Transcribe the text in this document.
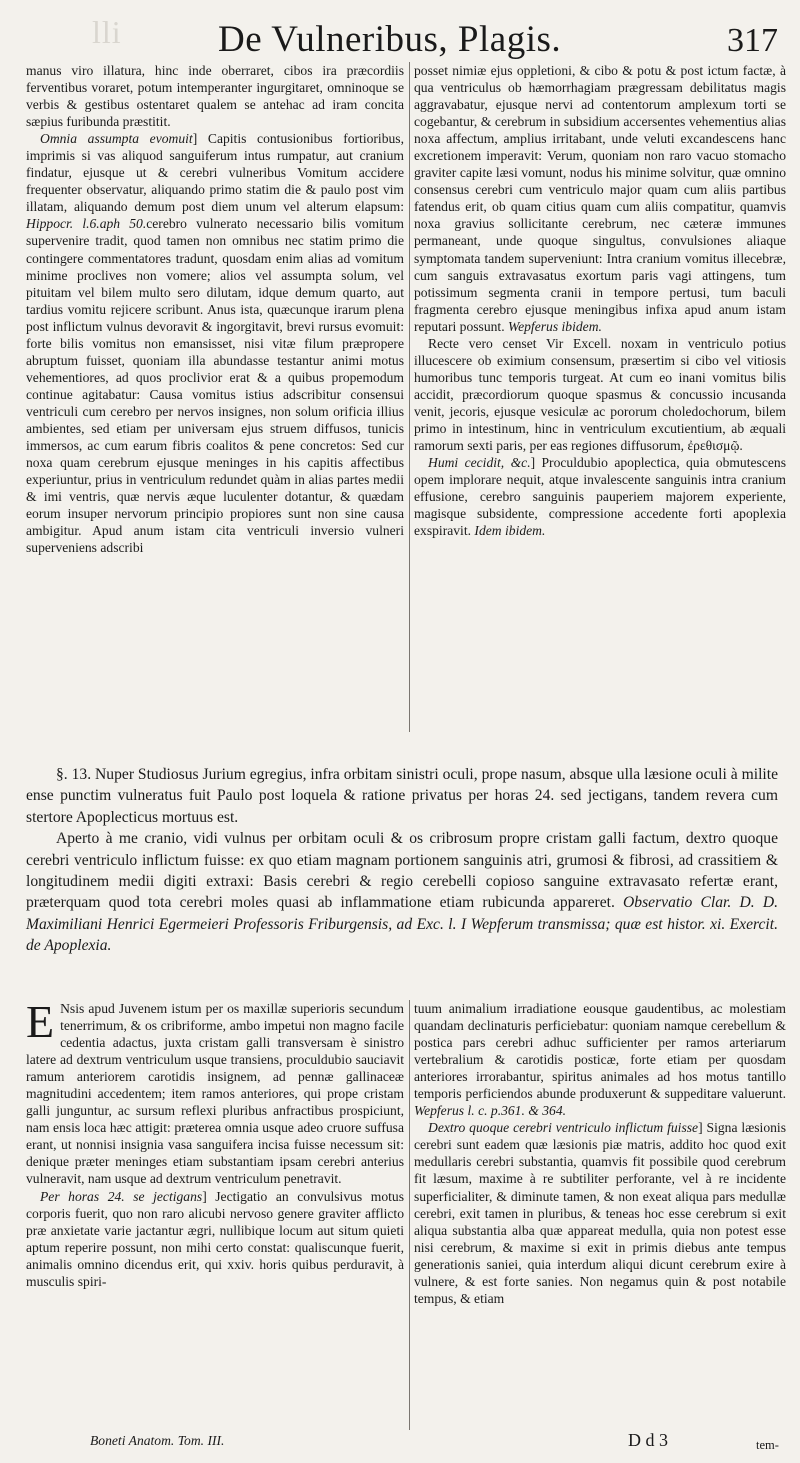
lli	De Vulneribus, Plagis.	317

manus viro illatura, hinc inde oberraret, cibos ira præcordiis ferventibus voraret, potum intemperanter ingurgitaret, omninoque se verbis & gestibus ostentaret qualem se antehac ad iram concita sæpius furibunda præstitit.

Omnia assumpta evomuit] Capitis contusionibus fortioribus, imprimis si vas aliquod sanguiferum intus rumpatur, aut cranium findatur, ejusque ut & cerebri vulneribus Vomitum accidere frequenter observatur, aliquando primo statim die & paulo post vim illatam, aliquando demum post diem unum vel alterum elapsum: Hippocr. l.6.aph 50.cerebro vulnerato necessario bilis vomitum supervenire tradit, quod tamen non omnibus nec statim primo die contingere commentatores tradunt, quosdam enim alias ad vomitum minime proclives non vomere; alios vel assumpta solum, vel pituitam vel bilem multo sero dilutam, idque demum quarto, aut tardius vomitu rejicere scribunt. Anus ista, quæcunque irarum plena post inflictum vulnus devoravit & ingorgitavit, brevi rursus evomuit: forte bilis vomitus non emansisset, nisi vitæ filum præpropere abruptum fuisset, quoniam illa abundasse testantur animi motus vehementiores, ad quos proclivior erat & a quibus propemodum continue agitabatur: Causa vomitus istius adscribitur consensui ventriculi cum cerebro per nervos insignes, non solum orificia illius ambientes, sed etiam per universam ejus struem diffusos, tunicis immersos, ac cum earum fibris coalitos & pene concretos: Sed cur noxa quam cerebrum ejusque meninges in his capitis affectibus experiuntur, prius in ventriculum redundet quàm in alias partes medii & imi ventris, quæ nervis æque luculenter dotantur, & quædam eorum insuper nervorum principio propiores sunt non sine causa ambigitur. Apud anum istam cita ventriculi inversio vulneri superveniens adscribi

posset nimiæ ejus oppletioni, & cibo & potu & post ictum factæ, à qua ventriculus ob hæmorrhagiam prægressam debilitatus magis aggravabatur, ejusque nervi ad contentorum amplexum torti se cogebantur, & cerebrum in subsidium accersentes vehementius alias noxa affectum, amplius irritabant, unde veluti excandescens hanc excretionem imperavit: Verum, quoniam non raro vacuo stomacho graviter capite læsi vomunt, nodus his minime solvitur, quæ omnino consensus cerebri cum ventriculo major quam cum aliis partibus fatendus erit, ob quam citius quam cum aliis compatitur, quamvis noxa gravius sollicitante cerebrum, nec cæteræ immunes permaneant, unde quoque singultus, convulsiones aliaque symptomata tandem superveniunt: Intra cranium vomitus illecebræ, cum sanguis extravasatus exortum paris vagi attingens, tum potissimum segmenta cranii in tempore pertusi, tum baculi fragmenta cerebro ejusque meningibus infixa apud anum istam reputari possunt. Wepferus ibidem.

Recte vero censet Vir Excell. noxam in ventriculo potius illucescere ob eximium consensum, præsertim si cibo vel vitiosis humoribus tunc temporis turgeat. At cum eo inani vomitus bilis accidit, præcordiorum quoque spasmus & concussio incusanda venit, jecoris, ejusque vesiculæ ac pororum choledochorum, bilem primo in intestinum, hinc in ventriculum excutientium, ab æquali ramorum sexti paris, per eas regiones diffusorum, ἐρεθισμῷ.

Humi cecidit, &c.] Proculdubio apoplectica, quia obmutescens opem implorare nequit, atque invalescente sanguinis intra cranium effusione, cerebro sanguinis pauperiem majorem experiente, magisque subsidente, compressione accedente forti apoplexia exspiravit. Idem ibidem.

§. 13. Nuper Studiosus Jurium egregius, infra orbitam sinistri oculi, prope nasum, absque ulla læsione oculi à milite ense punctim vulneratus fuit Paulo post loquela & ratione privatus per horas 24. sed jectigans, tandem revera cum stertore Apoplecticus mortuus est.

Aperto à me cranio, vidi vulnus per orbitam oculi & os cribrosum propre cristam galli factum, dextro quoque cerebri ventriculo inflictum fuisse: ex quo etiam magnam portionem sanguinis atri, grumosi & fibrosi, ad crassitiem & longitudinem medii digiti extraxi: Basis cerebri & regio cerebelli copioso sanguine extravasato refertæ erant, præterquam quod tota cerebri moles quasi ab inflammatione etiam rubicunda appareret. Observatio Clar. D. D. Maximiliani Henrici Egermeieri Professoris Friburgensis, ad Exc. l. I Wepferum transmissa; quæ est histor. xi. Exercit. de Apoplexia.

E Nsis apud Juvenem istum per os maxillæ superioris secundum tenerrimum, & os cribriforme, ambo impetui non magno facile cedentia adactus, juxta cristam galli transversam è sinistro latere ad dextrum ventriculum usque transiens, proculdubio sauciavit ramum anteriorem carotidis insignem, ad pennæ gallinaceæ magnitudini accedentem; item ramos anteriores, qui prope cristam galli junguntur, ac sursum reflexi pluribus anfractibus prospiciunt, nam ensis loca hæc attigit: præterea omnia usque adeo cruore suffusa erant, ut nonnisi insignia vasa sanguifera incisa fuisse necessum sit: denique præter meninges etiam substantiam ipsam cerebri anterius vulneravit, nam usque ad dextrum ventriculum penetravit.

Per horas 24. se jectigans] Jectigatio an convulsivus motus corporis fuerit, quo non raro alicubi nervoso genere graviter afflicto præ anxietate varie jactantur ægri, nullibique locum aut situm quieti aptum reperire possunt, non mihi certo constat: qualiscunque fuerit, animalis omnino dicendus erit, qui xxiv. horis quibus perduravit, à musculis spiri-

tuum animalium irradiatione eousque gaudentibus, ac molestiam quandam declinaturis perficiebatur: quoniam namque cerebellum & postica pars cerebri adhuc sufficienter per ramos arteriarum vertebralium & carotidis posticæ, forte etiam per quosdam anteriores irrorabantur, spiritus animales ad hos motus tantillo temporis perficiendos abunde produxerunt & suppeditare valuerunt. Wepferus l. c. p.361. & 364.

Dextro quoque cerebri ventriculo inflictum fuisse] Signa læsionis cerebri sunt eadem quæ læsionis piæ matris, addito hoc quod exit medullaris cerebri substantia, quamvis fit possibile quod cerebrum fit læsum, maxime à re subtiliter perforante, vel à re incidente superficialiter, & diminute tamen, & non exeat aliqua pars medullæ cerebri, exit tamen in pluribus, & teneas hoc esse cerebrum si exit aliqua substantia alba quæ appareat medulla, quia non potest esse nisi cerebrum, & maxime si exit in primis diebus ante tempus generationis saniei, quia interdum aliqui dicunt cerebrum exire à vulnere, & est forte sanies. Non negamus quin & post notabile tempus, & etiam

Boneti Anatom. Tom. III.	D d 3	tem-
